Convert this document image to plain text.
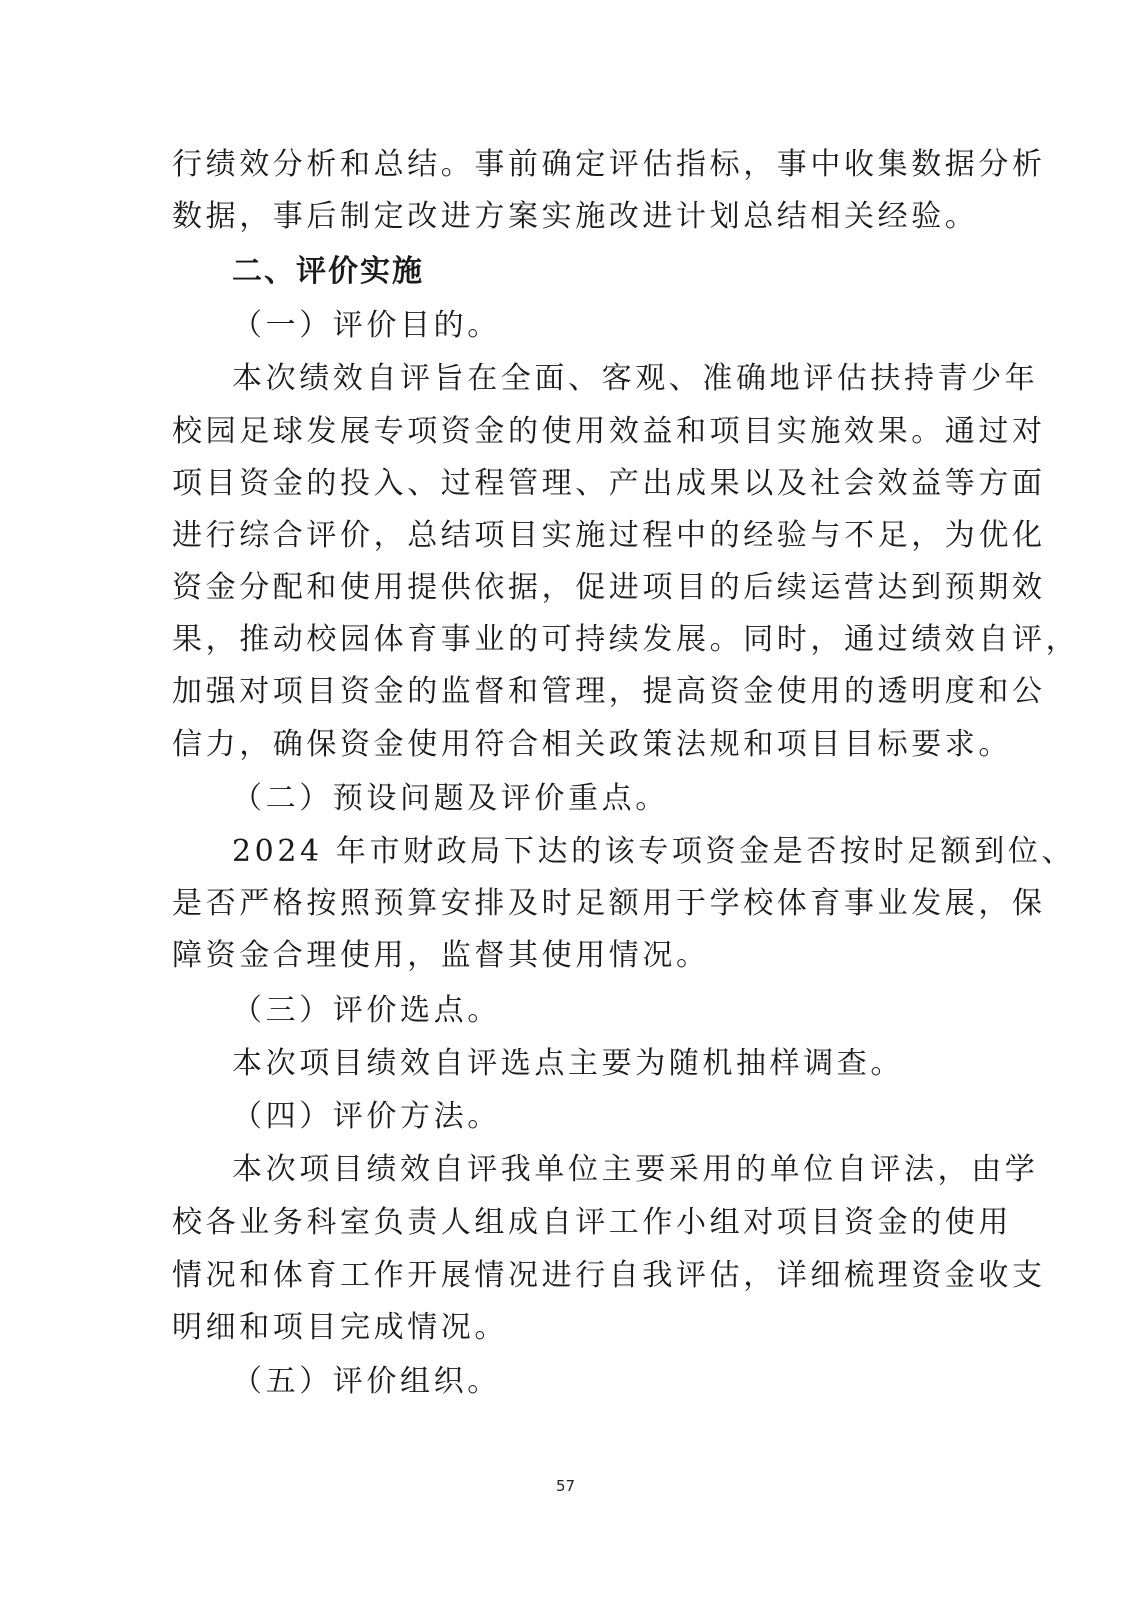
行绩效分析和总结。事前确定评估指标，事中收集数据分析
数据，事后制定改进方案实施改进计划总结相关经验。
二、评价实施
（一）评价目的。
本次绩效自评旨在全面、客观、准确地评估扶持青少年
校园足球发展专项资金的使用效益和项目实施效果。通过对
项目资金的投入、过程管理、产出成果以及社会效益等方面
进行综合评价，总结项目实施过程中的经验与不足，为优化
资金分配和使用提供依据，促进项目的后续运营达到预期效
果，推动校园体育事业的可持续发展。同时，通过绩效自评，
加强对项目资金的监督和管理，提高资金使用的透明度和公
信力，确保资金使用符合相关政策法规和项目目标要求。
（二）预设问题及评价重点。
2024 年市财政局下达的该专项资金是否按时足额到位、
是否严格按照预算安排及时足额用于学校体育事业发展，保
障资金合理使用，监督其使用情况。
（三）评价选点。
本次项目绩效自评选点主要为随机抽样调查。
（四）评价方法。
本次项目绩效自评我单位主要采用的单位自评法，由学
校各业务科室负责人组成自评工作小组对项目资金的使用
情况和体育工作开展情况进行自我评估，详细梳理资金收支
明细和项目完成情况。
（五）评价组织。
57
